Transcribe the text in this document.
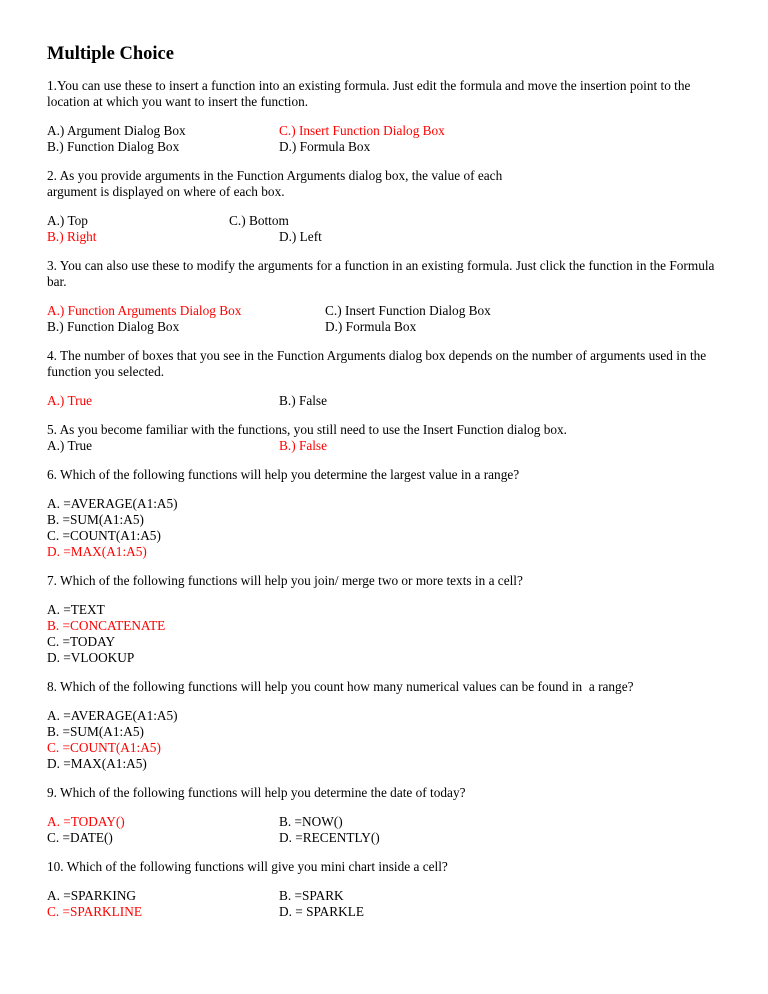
Multiple Choice

1.You can use these to insert a function into an existing formula. Just edit the formula and move the insertion point to the location at which you want to insert the function.

A.) Argument Dialog Box	C.) Insert Function Dialog Box
B.) Function Dialog Box	D.) Formula Box

2. As you provide arguments in the Function Arguments dialog box, the value of each argument is displayed on where of each box.

A.) Top	C.) Bottom
B.) Right	D.) Left

3. You can also use these to modify the arguments for a function in an existing formula. Just click the function in the Formula bar.

A.) Function Arguments Dialog Box	C.) Insert Function Dialog Box
B.) Function Dialog Box	D.) Formula Box

4. The number of boxes that you see in the Function Arguments dialog box depends on the number of arguments used in the function you selected.

A.) True	B.) False

5. As you become familiar with the functions, you still need to use the Insert Function dialog box.

A.) True	B.) False

6. Which of the following functions will help you determine the largest value in a range?

A. =AVERAGE(A1:A5)
B. =SUM(A1:A5)
C. =COUNT(A1:A5)
D. =MAX(A1:A5)

7. Which of the following functions will help you join/ merge two or more texts in a cell?

A. =TEXT
B. =CONCATENATE
C. =TODAY
D. =VLOOKUP

8. Which of the following functions will help you count how many numerical values can be found in  a range?

A. =AVERAGE(A1:A5)
B. =SUM(A1:A5)
C. =COUNT(A1:A5)
D. =MAX(A1:A5)

9. Which of the following functions will help you determine the date of today?

A. =TODAY()	B. =NOW()
C. =DATE()	D. =RECENTLY()

10. Which of the following functions will give you mini chart inside a cell?

A. =SPARKING	B. =SPARK
C. =SPARKLINE	D. = SPARKLE
